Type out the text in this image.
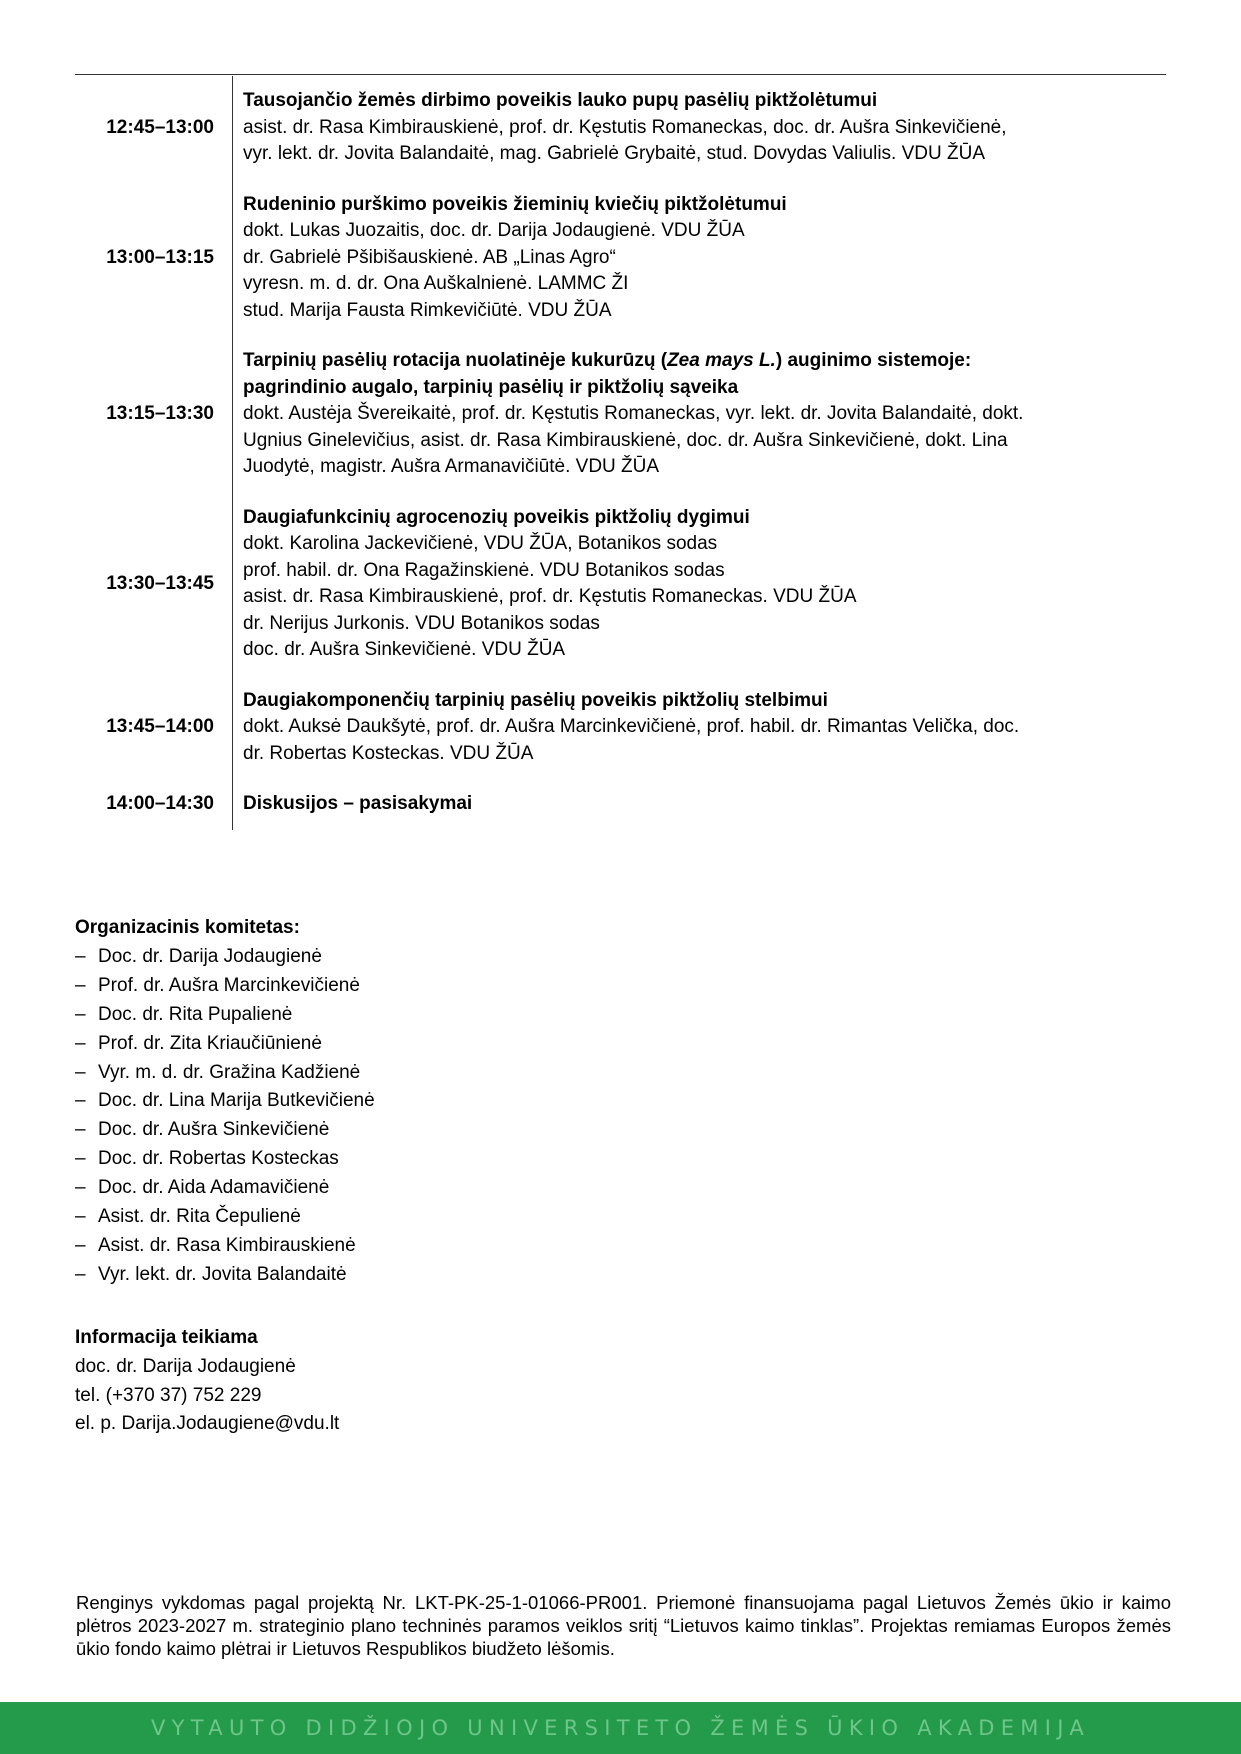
12:45–13:00
Tausojančio žemės dirbimo poveikis lauko pupų pasėlių piktžolėtumui
asist. dr. Rasa Kimbirauskienė, prof. dr. Kęstutis Romaneckas, doc. dr. Aušra Sinkevičienė,
vyr. lekt. dr. Jovita Balandaitė, mag. Gabrielė Grybaitė, stud. Dovydas Valiulis. VDU ŽŪA
13:00–13:15
Rudeninio purškimo poveikis žieminių kviečių piktžolėtumui
dokt. Lukas Juozaitis, doc. dr. Darija Jodaugienė. VDU ŽŪA
dr. Gabrielė Pšibišauskienė. AB „Linas Agro“
vyresn. m. d. dr. Ona Auškalnienė. LAMMC ŽI
stud. Marija Fausta Rimkevičiūtė. VDU ŽŪA
13:15–13:30
Tarpinių pasėlių rotacija nuolatinėje kukurūzų (Zea mays L.) auginimo sistemoje:
pagrindinio augalo, tarpinių pasėlių ir piktžolių sąveika
dokt. Austėja Švereikaitė, prof. dr. Kęstutis Romaneckas, vyr. lekt. dr. Jovita Balandaitė, dokt.
Ugnius Ginelevičius, asist. dr. Rasa Kimbirauskienė, doc. dr. Aušra Sinkevičienė, dokt. Lina
Juodytė, magistr. Aušra Armanavičiūtė. VDU ŽŪA
13:30–13:45
Daugiafunkcinių agrocenozių poveikis piktžolių dygimui
dokt. Karolina Jackevičienė, VDU ŽŪA, Botanikos sodas
prof. habil. dr. Ona Ragažinskienė. VDU Botanikos sodas
asist. dr. Rasa Kimbirauskienė, prof. dr. Kęstutis Romaneckas. VDU ŽŪA
dr. Nerijus Jurkonis. VDU Botanikos sodas
doc. dr. Aušra Sinkevičienė. VDU ŽŪA
13:45–14:00
Daugiakomponenčių tarpinių pasėlių poveikis piktžolių stelbimui
dokt. Auksė Daukšytė, prof. dr. Aušra Marcinkevičienė, prof. habil. dr. Rimantas Velička, doc.
dr. Robertas Kosteckas. VDU ŽŪA
14:00–14:30	Diskusijos – pasisakymai
Organizacinis komitetas:
– Doc. dr. Darija Jodaugienė
– Prof. dr. Aušra Marcinkevičienė
– Doc. dr. Rita Pupalienė
– Prof. dr. Zita Kriaučiūnienė
– Vyr. m. d. dr. Gražina Kadžienė
– Doc. dr. Lina Marija Butkevičienė
– Doc. dr. Aušra Sinkevičienė
– Doc. dr. Robertas Kosteckas
– Doc. dr. Aida Adamavičienė
– Asist. dr. Rita Čepulienė
– Asist. dr. Rasa Kimbirauskienė
– Vyr. lekt. dr. Jovita Balandaitė
Informacija teikiama
doc. dr. Darija Jodaugienė
tel. (+370 37) 752 229
el. p. Darija.Jodaugiene@vdu.lt
Renginys vykdomas pagal projektą Nr. LKT-PK-25-1-01066-PR001. Priemonė finansuojama pagal Lietuvos Žemės ūkio ir kaimo plėtros 2023-2027 m. strateginio plano techninės paramos veiklos sritį “Lietuvos kaimo tinklas”. Projektas remiamas Europos žemės ūkio fondo kaimo plėtrai ir Lietuvos Respublikos biudžeto lėšomis.
VYTAUTO DIDŽIOJO UNIVERSITETO ŽEMĖS ŪKIO AKADEMIJA
